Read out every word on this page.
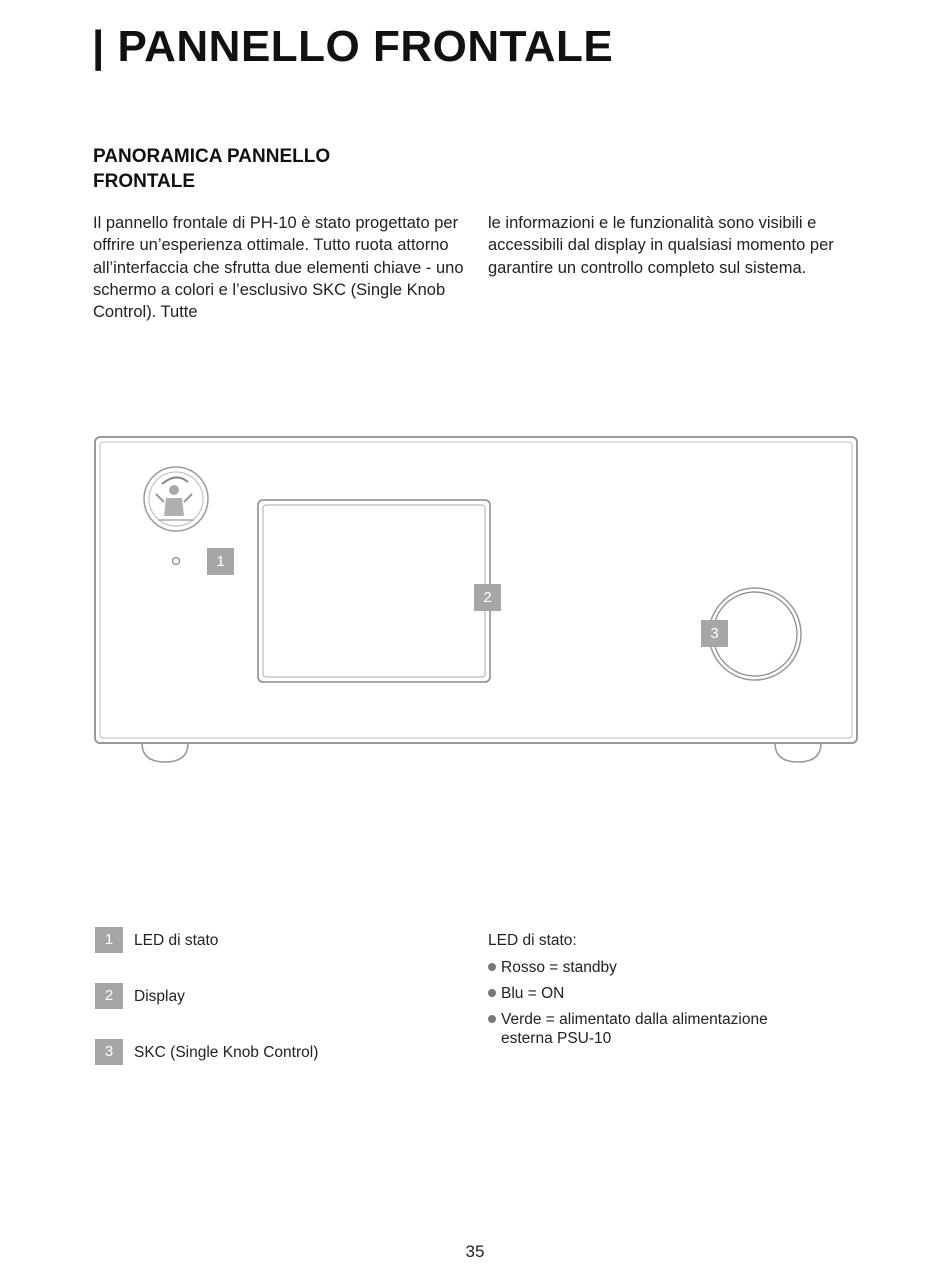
| PANNELLO FRONTALE
PANORAMICA PANNELLO FRONTALE
Il pannello frontale di PH-10 è stato progettato per offrire un’esperienza ottimale. Tutto ruota attorno all’interfaccia che sfrutta due elementi chiave - uno schermo a colori e l’esclusivo SKC (Single Knob Control). Tutte
le informazioni e le funzionalità sono visibili e accessibili dal display in qualsiasi momento per garantire un controllo completo sul sistema.
1
2
3
1	LED di stato
2	Display
3	SKC (Single Knob Control)
LED di stato:
Rosso = standby
Blu = ON
Verde = alimentato dalla alimentazione esterna PSU-10
35
